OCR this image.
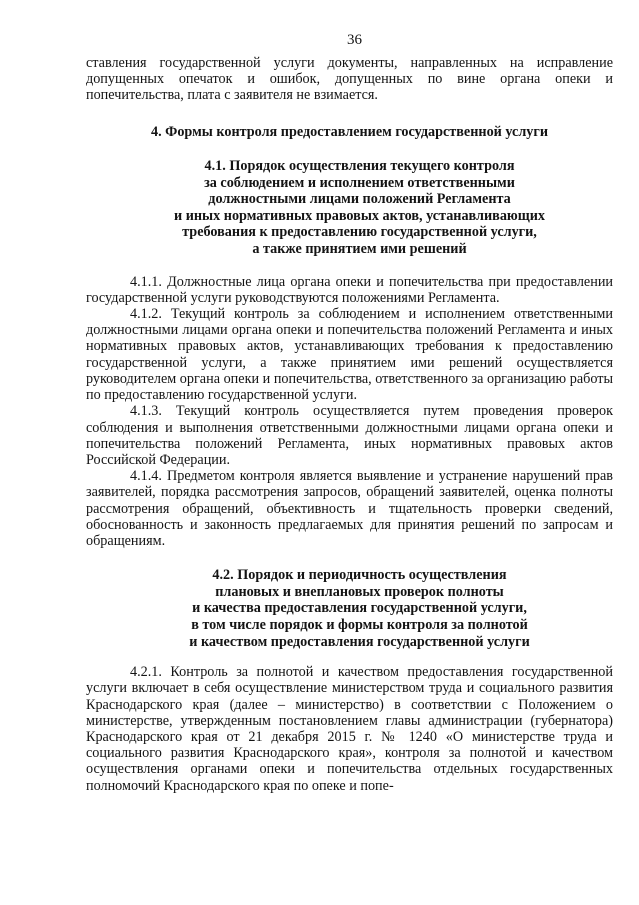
36

ставления государственной услуги документы, направленных на исправление допущенных опечаток и ошибок, допущенных по вине органа опеки и попечительства, плата с заявителя не взимается.

4. Формы контроля предоставлением государственной услуги
4.1. Порядок осуществления текущего контроля
за соблюдением и исполнением ответственными
должностными лицами положений Регламента
и иных нормативных правовых актов, устанавливающих
требования к предоставлению государственной услуги,
а также принятием ими решений

4.1.1. Должностные лица органа опеки и попечительства при предоставлении государственной услуги руководствуются положениями Регламента.

4.1.2. Текущий контроль за соблюдением и исполнением ответственными должностными лицами органа опеки и попечительства положений Регламента и иных нормативных правовых актов, устанавливающих требования к предоставлению государственной услуги, а также принятием ими решений осуществляется руководителем органа опеки и попечительства, ответственного за организацию работы по предоставлению государственной услуги.

4.1.3. Текущий контроль осуществляется путем проведения проверок соблюдения и выполнения ответственными должностными лицами органа опеки и попечительства положений Регламента, иных нормативных правовых актов Российской Федерации.

4.1.4. Предметом контроля является выявление и устранение нарушений прав заявителей, порядка рассмотрения запросов, обращений заявителей, оценка полноты рассмотрения обращений, объективность и тщательность проверки сведений, обоснованность и законность предлагаемых для принятия решений по запросам и обращениям.

4.2. Порядок и периодичность осуществления
плановых и внеплановых проверок полноты
и качества предоставления государственной услуги,
в том числе порядок и формы контроля за полнотой
и качеством предоставления государственной услуги

4.2.1. Контроль за полнотой и качеством предоставления государственной услуги включает в себя осуществление министерством труда и социального развития Краснодарского края (далее – министерство) в соответствии с Положением о министерстве, утвержденным постановлением главы администрации (губернатора) Краснодарского края от 21 декабря 2015 г. № 1240 «О министерстве труда и социального развития Краснодарского края», контроля за полнотой и качеством осуществления органами опеки и попечительства отдельных государственных полномочий Краснодарского края по опеке и попе-
